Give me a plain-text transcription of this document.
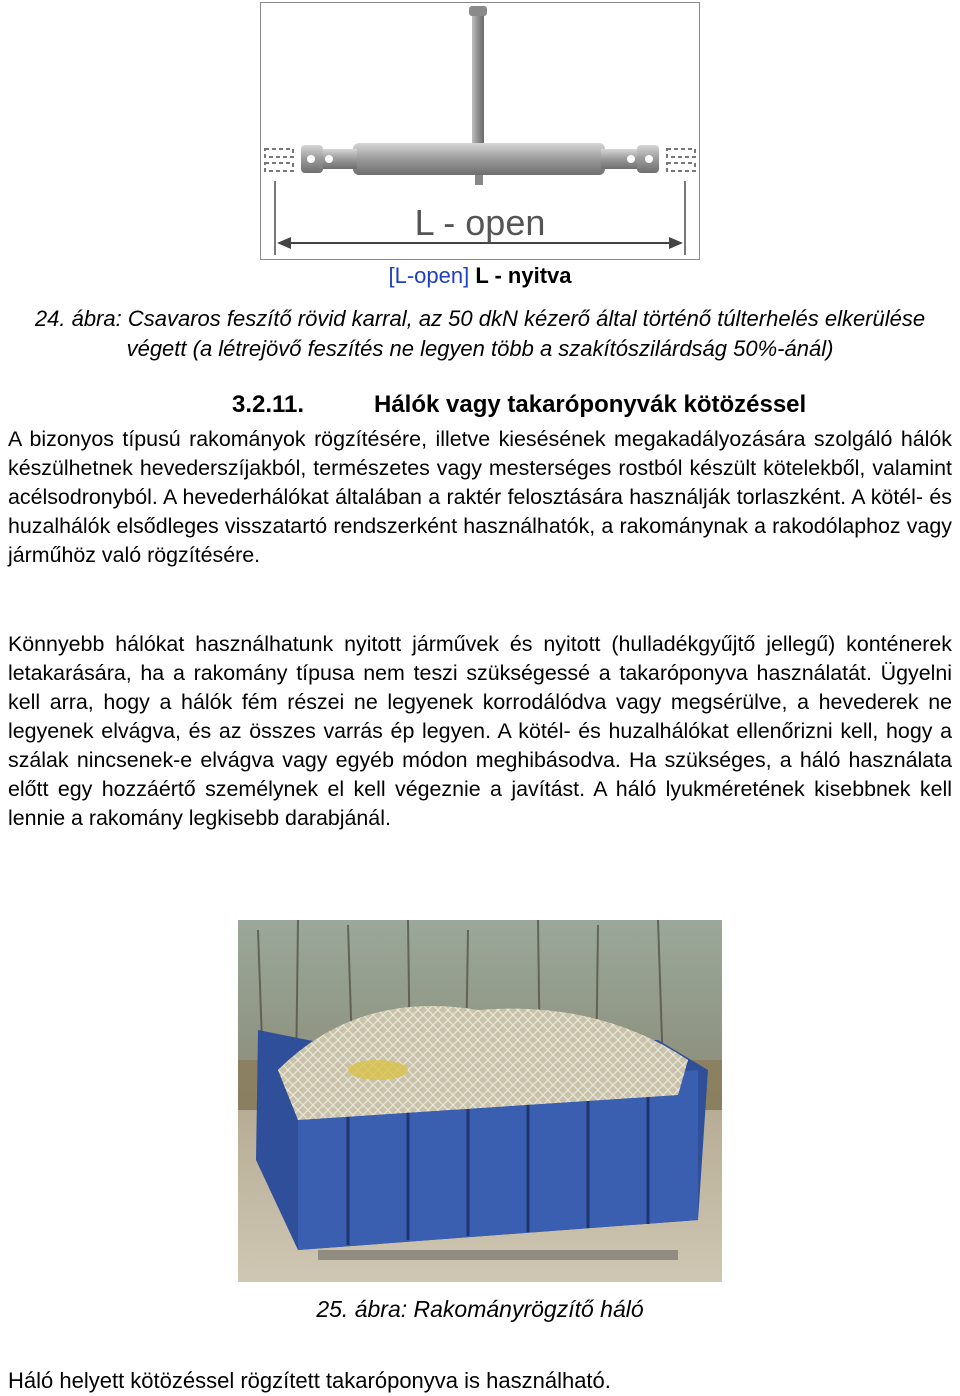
L - open
[L-open] L - nyitva
24. ábra: Csavaros feszítő rövid karral, az 50 dkN kézerő által történő túlterhelés elkerülése végett (a létrejövő feszítés ne legyen több a szakítószilárdság 50%-ánál)
3.2.11.	Hálók vagy takaróponyvák kötözéssel
A bizonyos típusú rakományok rögzítésére, illetve kiesésének megakadályozására szolgáló hálók készülhetnek hevederszíjakból, természetes vagy mesterséges rostból készült kötelekből, valamint acélsodronyból. A hevederhálókat általában a raktér felosztására használják torlaszként. A kötél- és huzalhálók elsődleges visszatartó rendszerként használhatók, a rakománynak a rakodólaphoz vagy járműhöz való rögzítésére.
Könnyebb hálókat használhatunk nyitott járművek és nyitott (hulladékgyűjtő jellegű) konténerek letakarására, ha a rakomány típusa nem teszi szükségessé a takaróponyva használatát. Ügyelni kell arra, hogy a hálók fém részei ne legyenek korrodálódva vagy megsérülve, a hevederek ne legyenek elvágva, és az összes varrás ép legyen. A kötél- és huzalhálókat ellenőrizni kell, hogy a szálak nincsenek-e elvágva vagy egyéb módon meghibásodva. Ha szükséges, a háló használata előtt egy hozzáértő személynek el kell végeznie a javítást. A háló lyukméretének kisebbnek kell lennie a rakomány legkisebb darabjánál.
25. ábra: Rakományrögzítő háló
Háló helyett kötözéssel rögzített takaróponyva is használható.
